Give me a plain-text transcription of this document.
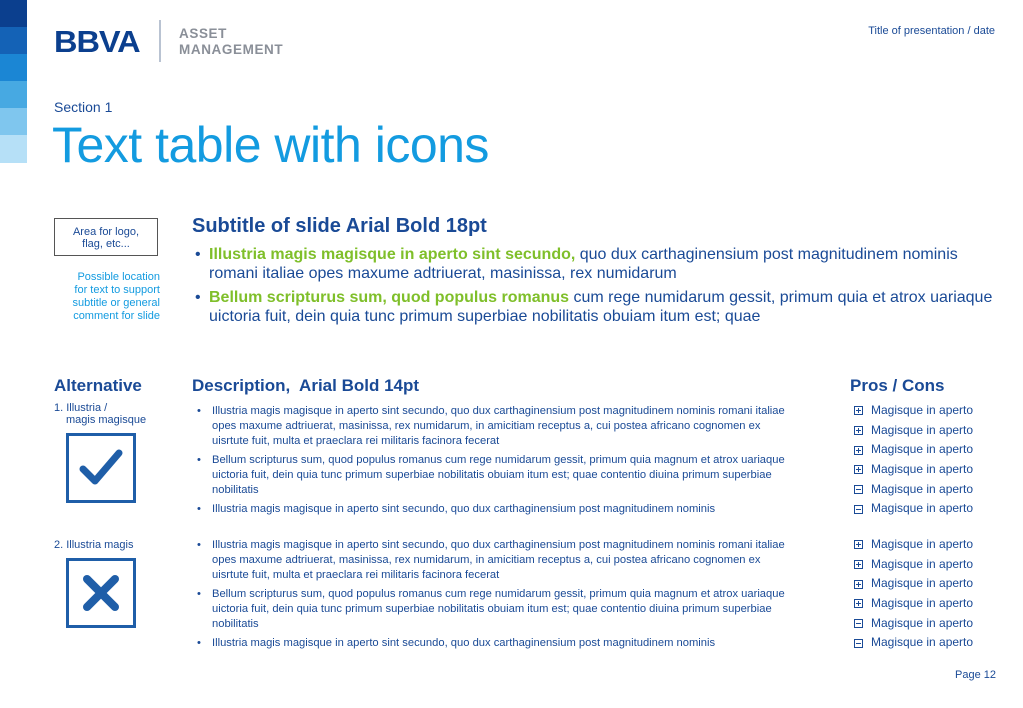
BBVA	ASSET
MANAGEMENT
Title of presentation / date
Section 1
Text table with icons
Area for logo,
flag, etc...
Possible location
for text to support
subtitle or general
comment for slide
Subtitle of slide Arial Bold 18pt
• Illustria magis magisque in aperto sint secundo, quo dux carthaginensium post magnitudinem nominis romani italiae opes maxume adtriuerat, masinissa, rex numidarum
• Bellum scripturus sum, quod populus romanus cum rege numidarum gessit, primum quia et atrox uariaque uictoria fuit, dein quia tunc primum superbiae nobilitatis obuiam itum est; quae
Alternative	Description,  Arial Bold 14pt	Pros / Cons
1. Illustria /
magis magisque
• Illustria magis magisque in aperto sint secundo, quo dux carthaginensium post magnitudinem nominis romani italiae opes maxume adtriuerat, masinissa, rex numidarum, in amicitiam receptus a, cui postea africano cognomen ex uisrtute fuit, multa et praeclara rei militaris facinora fecerat
• Bellum scripturus sum, quod populus romanus cum rege numidarum gessit, primum quia magnum et atrox uariaque uictoria fuit, dein quia tunc primum superbiae nobilitatis obuiam itum est; quae contentio diuina primum superbiae nobilitatis
• Illustria magis magisque in aperto sint secundo, quo dux carthaginensium post magnitudinem nominis
Magisque in aperto
Magisque in aperto
Magisque in aperto
Magisque in aperto
Magisque in aperto
Magisque in aperto
2. Illustria magis
•	Illustria magis magisque in aperto sint secundo, quo dux carthaginensium post magnitudinem nominis romani italiae opes maxume adtriuerat, masinissa, rex numidarum, in amicitiam receptus a, cui postea africano cognomen ex uisrtute fuit, multa et praeclara rei militaris facinora fecerat
• Bellum scripturus sum, quod populus romanus cum rege numidarum gessit, primum quia magnum et atrox uariaque uictoria fuit, dein quia tunc primum superbiae nobilitatis obuiam itum est; quae contentio diuina primum superbiae nobilitatis
• Illustria magis magisque in aperto sint secundo, quo dux carthaginensium post magnitudinem nominis
Magisque in aperto
Magisque in aperto
Magisque in aperto
Magisque in aperto
Magisque in aperto
Magisque in aperto
Page 12
